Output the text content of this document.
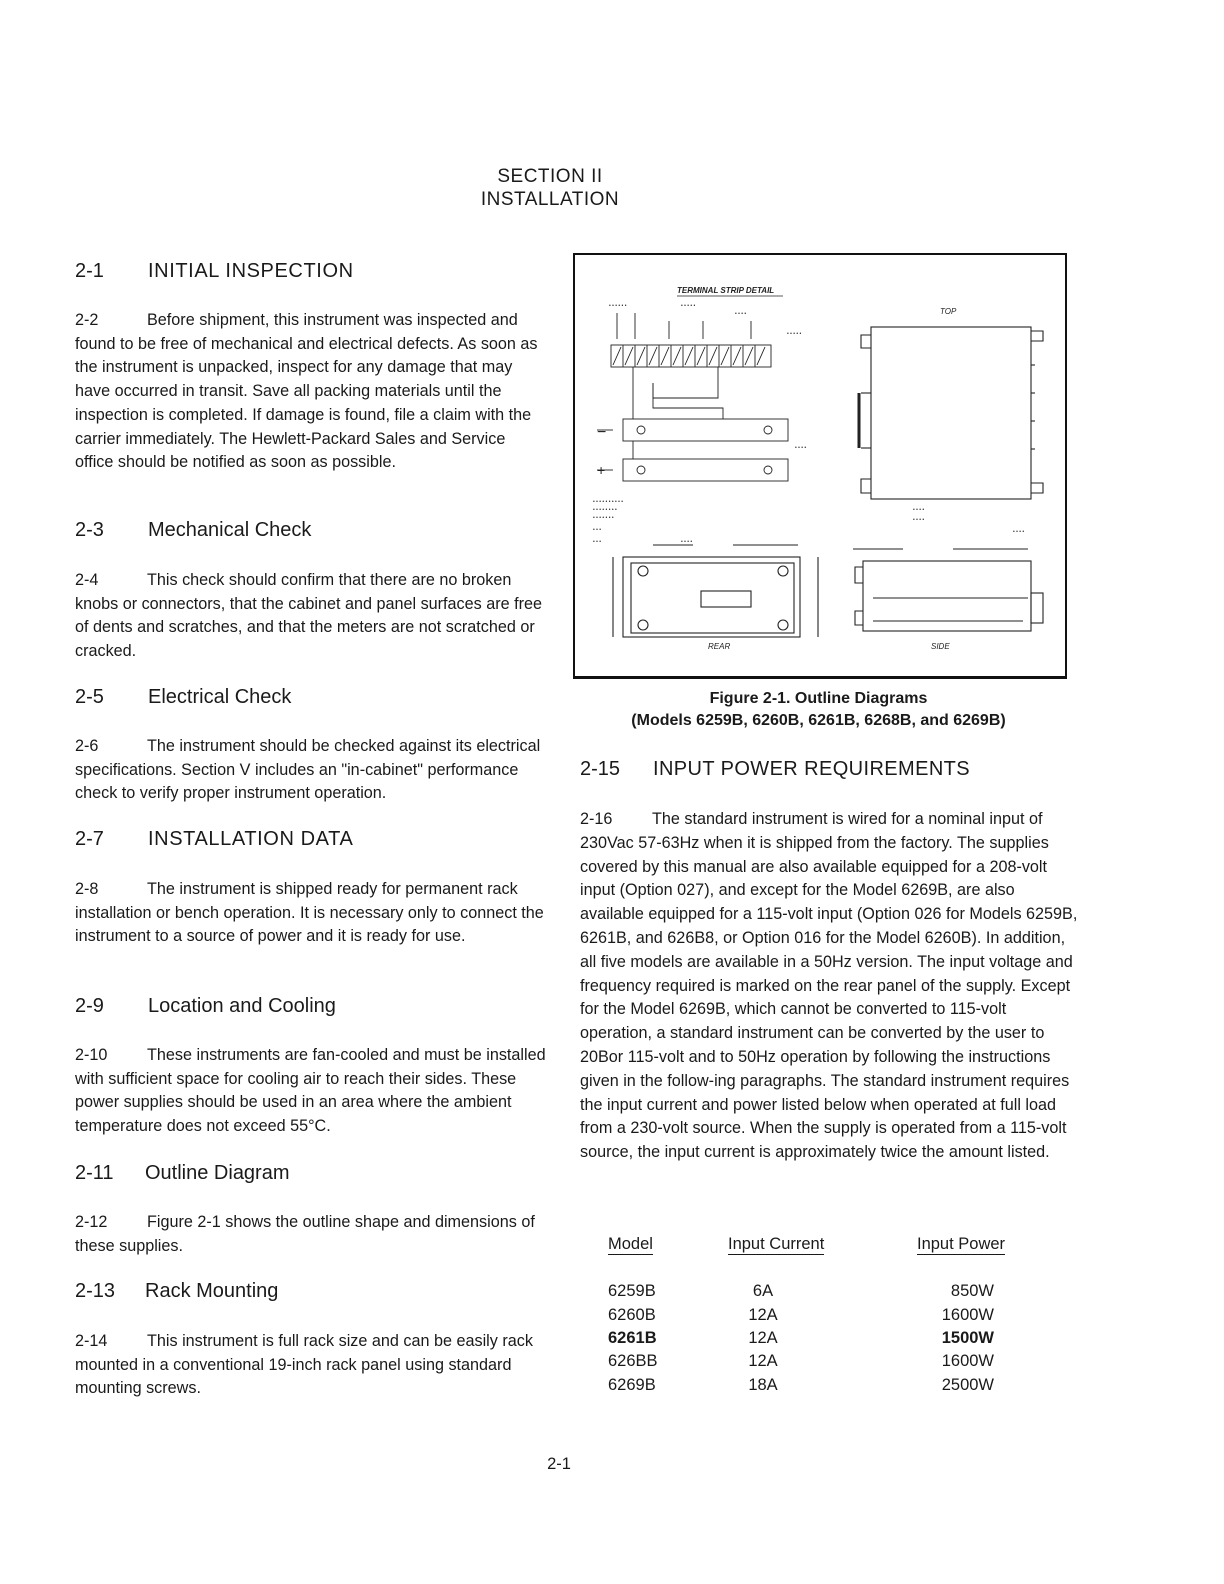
SECTION II
INSTALLATION
2-1 INITIAL INSPECTION
2-2	Before shipment, this instrument was inspected and found to be free of mechanical and electrical defects. As soon as the instrument is unpacked, inspect for any damage that may have occurred in transit. Save all packing materials until the inspection is completed. If damage is found, file a claim with the carrier immediately. The Hewlett-Packard Sales and Service office should be notified as soon as possible.
2-3 Mechanical Check
2-4	This check should confirm that there are no broken knobs or connectors, that the cabinet and panel surfaces are free of dents and scratches, and that the meters are not scratched or cracked.
2-5 Electrical Check
2-6	The instrument should be checked against its electrical specifications. Section V includes an "in-cabinet" performance check to verify proper instrument operation.
2-7 INSTALLATION DATA
2-8	The instrument is shipped ready for permanent rack installation or bench operation. It is necessary only to connect the instrument to a source of power and it is ready for use.
2-9 Location and Cooling
2-10 These instruments are fan-cooled and must be installed with sufficient space for cooling air to reach their sides. These power supplies should be used in an area where the ambient temperature does not exceed 55°C.
2-11 Outline Diagram
2-12 Figure 2-1 shows the outline shape and dimensions of these supplies.
2-13 Rack Mounting
2-14 This instrument is full rack size and can be easily rack mounted in a conventional 19-inch rack panel using standard mounting screws.
TERMINAL STRIP DETAIL
−
+
• • • • • •	• • • • •
• • • •
• • • • •
• • • •
• • • • • • • • • •
• • • • • • • •
• • • • • • •
• • •
• • •	• • • •
• • • •
• • • •
• • • •
TOP
REAR	SIDE
Figure 2-1. Outline Diagrams
(Models 6259B, 6260B, 6261B, 6268B, and 6269B)
2-15 INPUT POWER REQUIREMENTS
2-16 The standard instrument is wired for a nominal input of 230Vac 57-63Hz when it is shipped from the factory. The supplies covered by this manual are also available equipped for a 208-volt input (Option 027), and except for the Model 6269B, are also available equipped for a 115-volt input (Option 026 for Models 6259B, 6261B, and 626B8, or Option 016 for the Model 6260B). In addition, all five models are available in a 50Hz version. The input voltage and frequency required is marked on the rear panel of the supply. Except for the Model 6269B, which cannot be converted to 115-volt operation, a standard instrument can be converted by the user to 20Bor 115-volt and to 50Hz operation by following the instructions given in the follow-ing paragraphs. The standard instrument requires the input current and power listed below when operated at full load from a 230-volt source. When the supply is operated from a 115-volt source, the input current is approximately twice the amount listed.
Model	Input Current	Input Power
6259B	6A	850W
6260B	12A	1600W
6261B	12A	1500W
626BB	12A	1600W
6269B	18A	2500W
2-1
